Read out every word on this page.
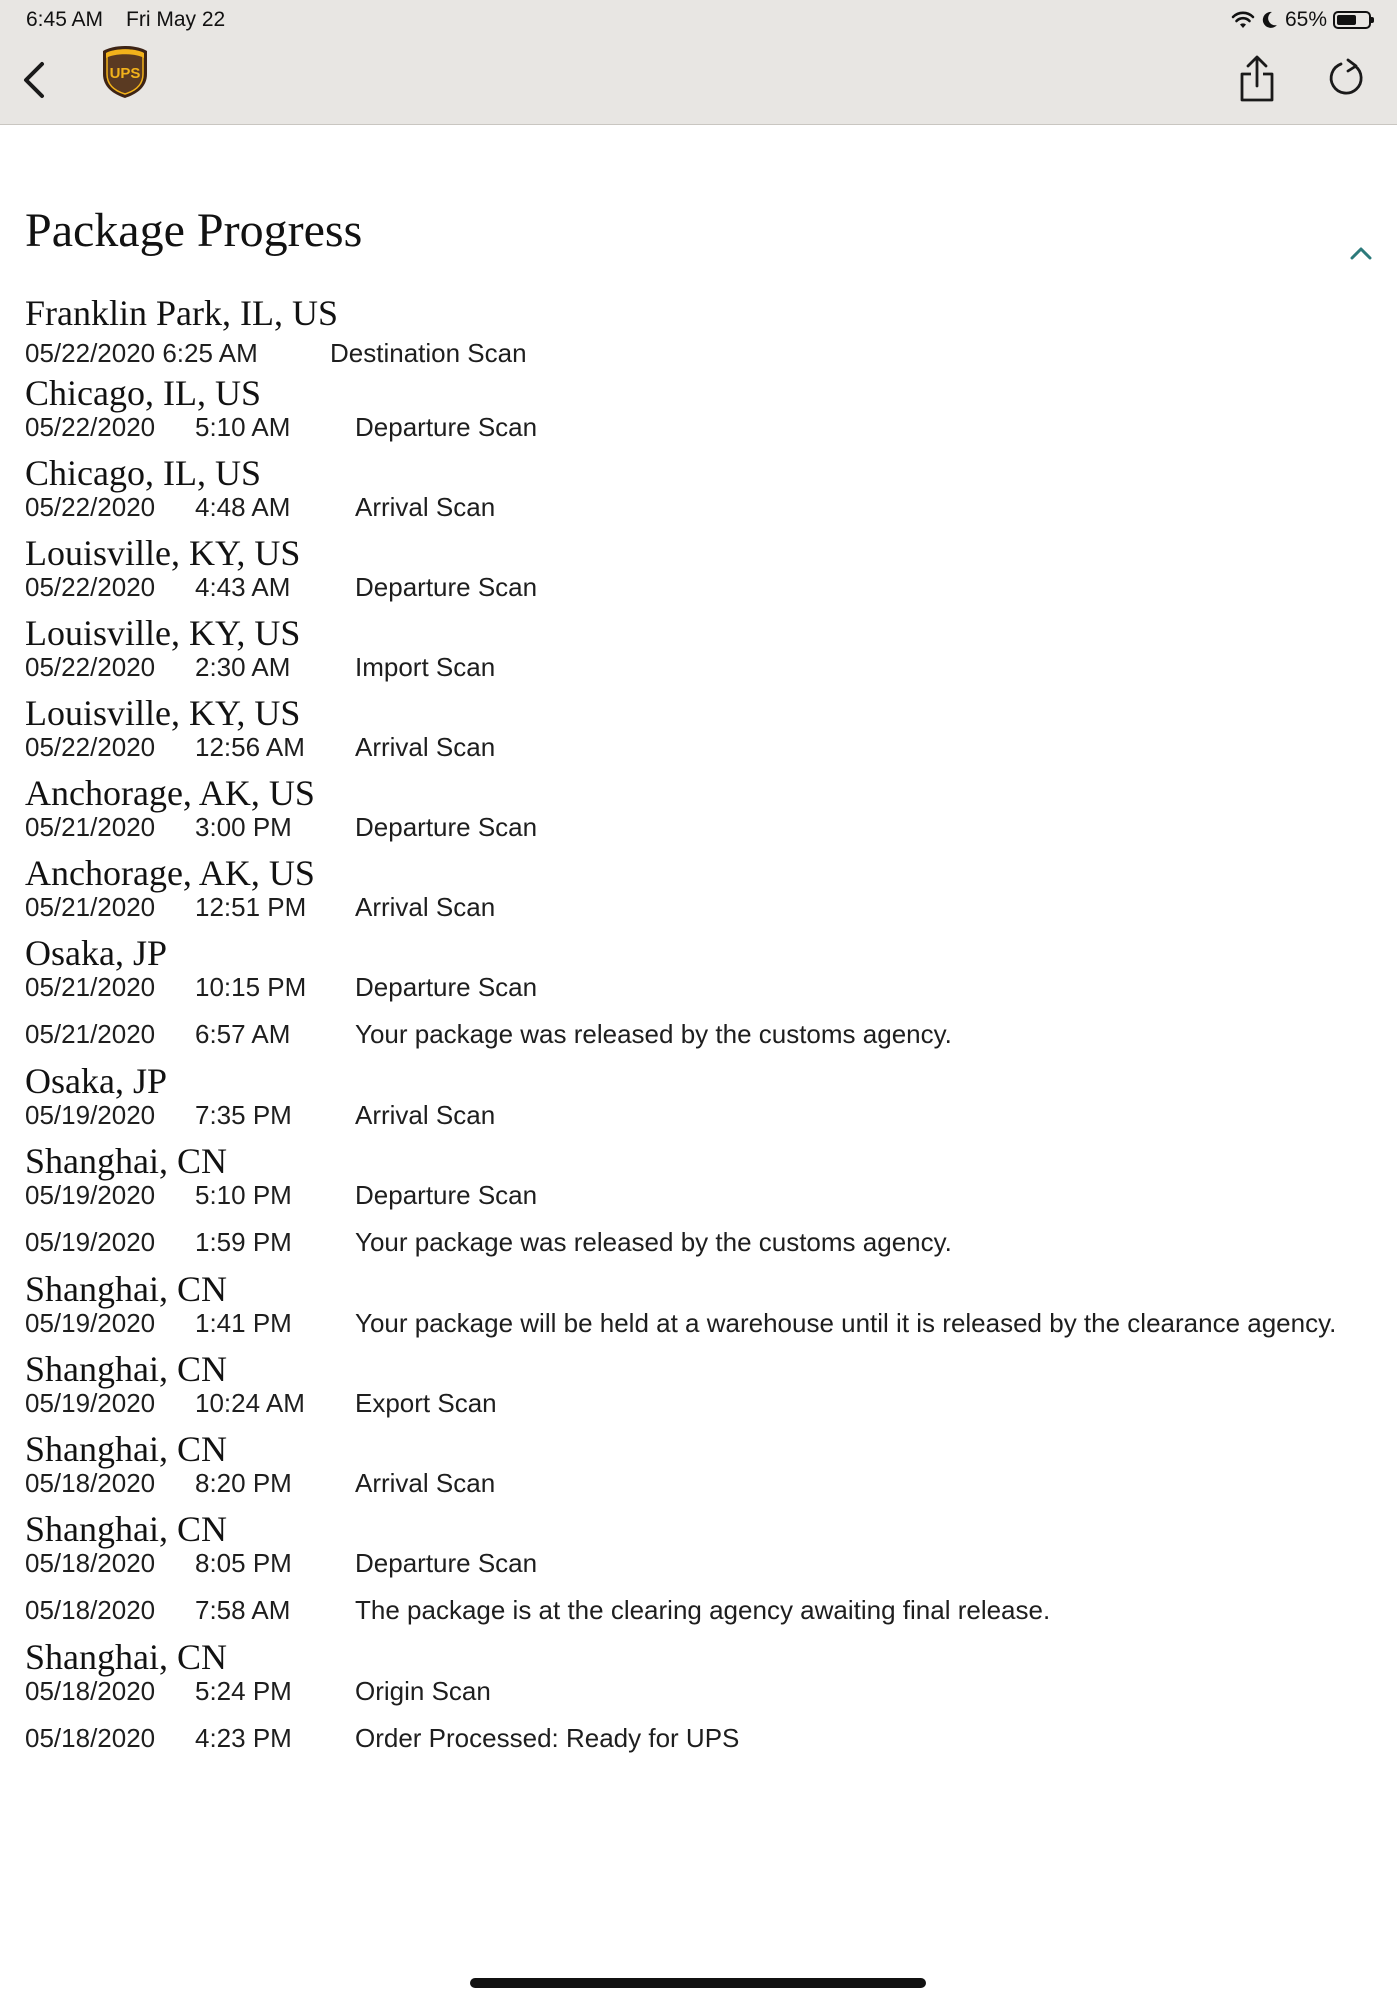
6:45 AM Fri May 22	65%
UPS
Package Progress
Franklin Park, IL, US
05/22/2020 6:25 AM	Destination Scan
Chicago, IL, US
05/22/2020 5:10 AM Departure Scan
Chicago, IL, US
05/22/2020 4:48 AM Arrival Scan
Louisville, KY, US
05/22/2020 4:43 AM Departure Scan
Louisville, KY, US
05/22/2020 2:30 AM Import Scan
Louisville, KY, US
05/22/2020 12:56 AM Arrival Scan
Anchorage, AK, US
05/21/2020 3:00 PM Departure Scan
Anchorage, AK, US
05/21/2020 12:51 PM Arrival Scan
Osaka, JP
05/21/2020 10:15 PM Departure Scan
05/21/2020 6:57 AM Your package was released by the customs agency.
Osaka, JP
05/19/2020 7:35 PM Arrival Scan
Shanghai, CN
05/19/2020 5:10 PM Departure Scan
05/19/2020 1:59 PM Your package was released by the customs agency.
Shanghai, CN
05/19/2020 1:41 PM Your package will be held at a warehouse until it is released by the clearance agency.
Shanghai, CN
05/19/2020 10:24 AM Export Scan
Shanghai, CN
05/18/2020 8:20 PM Arrival Scan
Shanghai, CN
05/18/2020 8:05 PM Departure Scan
05/18/2020 7:58 AM The package is at the clearing agency awaiting final release.
Shanghai, CN
05/18/2020 5:24 PM Origin Scan
05/18/2020 4:23 PM Order Processed: Ready for UPS
